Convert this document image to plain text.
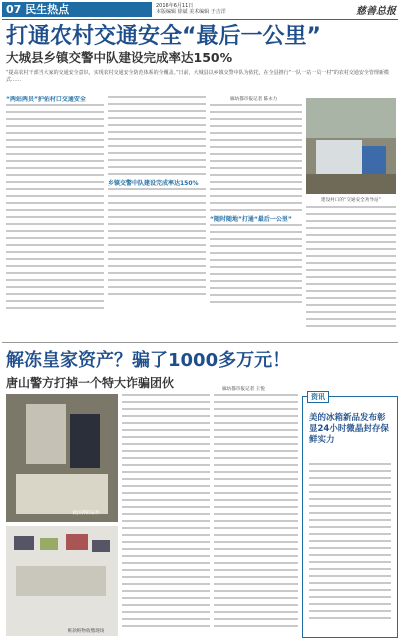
07 民生热点	2016年6月11日
本版编辑 徐斌 美术编辑 于吉洋	慈善总报
打通农村交通安全“最后一公里”
大城县乡镇交警中队建设完成率达150%
“提高农村干部当大家的交通安全意识，实现农村交通安全防范体系的全覆盖。”日前，大城县以乡镇交警中队为依托，在全县推行“一队一站一员一村”的农村交通安全管理新模式……
“两站两员”护佑村口交通安全
乡镇交警中队建设完成率达150%
廊坊都市报记者 陈永力
“随时随地”打通“最后一公里”
建设村口的“交通安全劝导站”
解冻皇家资产？骗了1000多万元！
唐山警方打掉一个特大诈骗团伙	廊坊都市报记者 王悦
被扣押的证件
赃款赃物收缴现场
资讯
美的冰箱新品发布彰显24小时微晶封存保鲜实力
